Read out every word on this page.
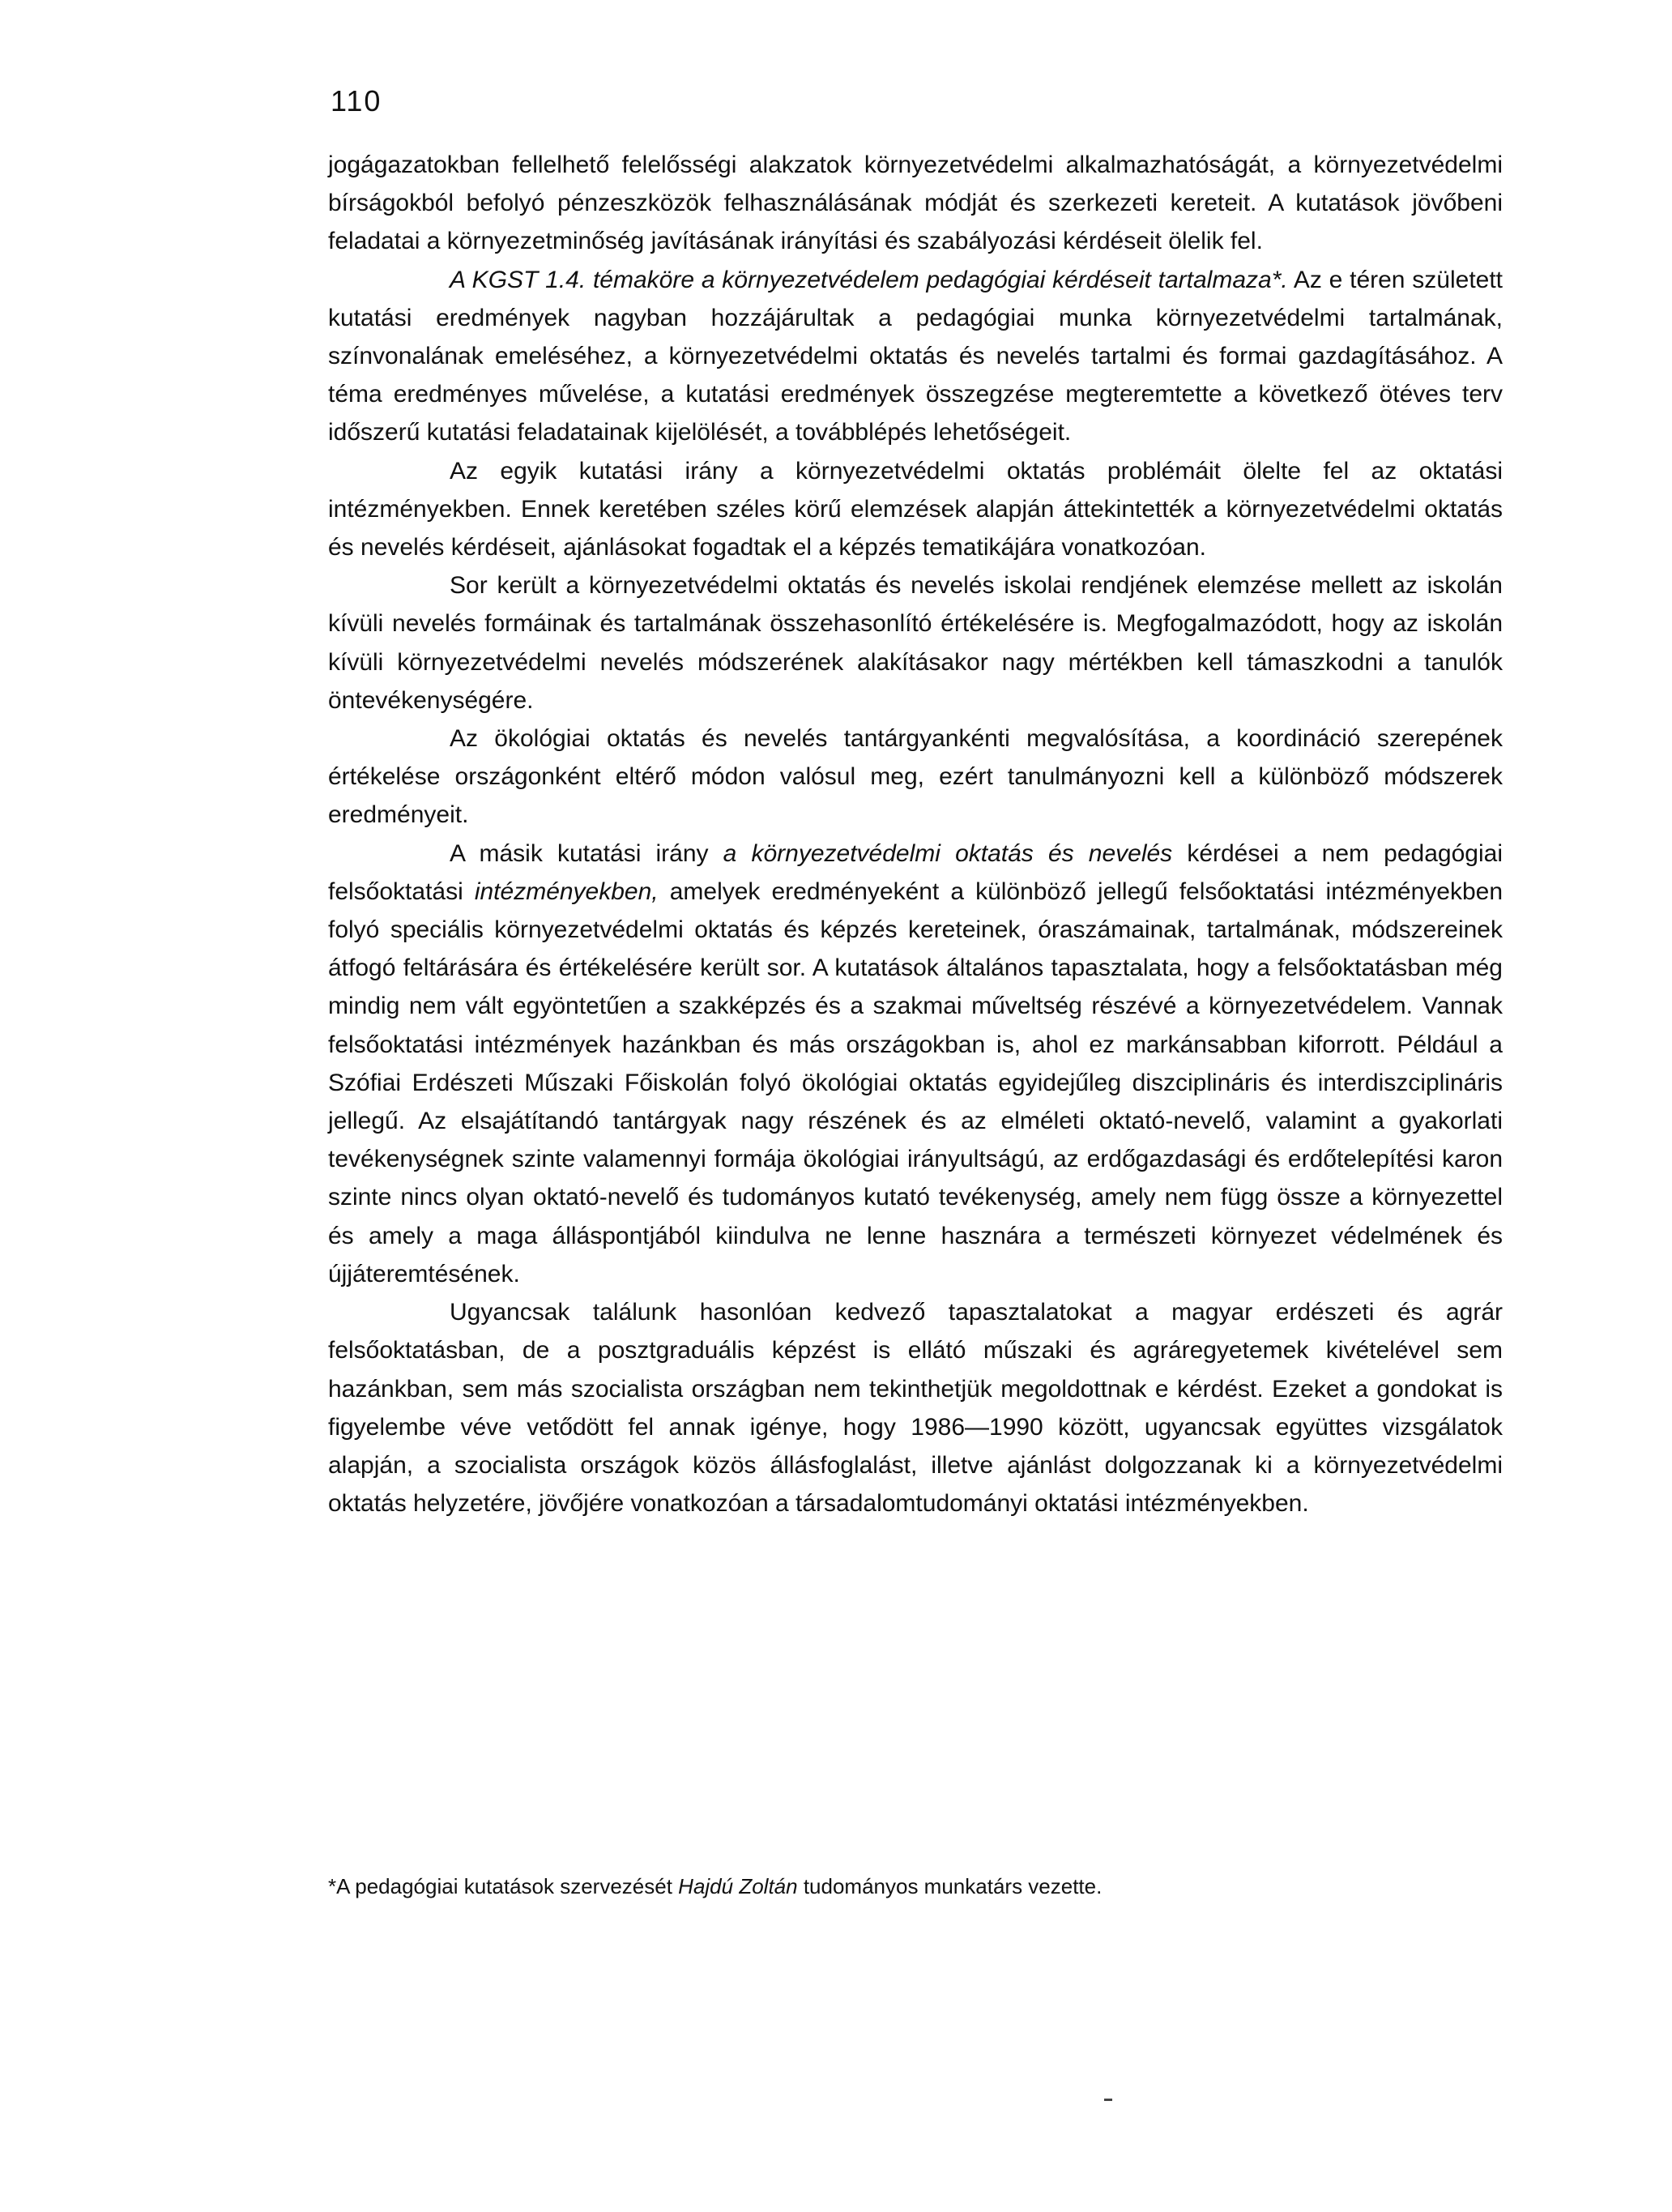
110

jogágazatokban fellelhető felelősségi alakzatok környezetvédelmi alkalmazhatóságát, a környezetvédelmi bírságokból befolyó pénzeszközök felhasználásának módját és szerkezeti kereteit. A kutatások jövőbeni feladatai a környezetminőség javításának irányítási és szabályozási kérdéseit ölelik fel.

A KGST 1.4. témaköre a környezetvédelem pedagógiai kérdéseit tartalmaza*. Az e téren született kutatási eredmények nagyban hozzájárultak a pedagógiai munka környezetvédelmi tartalmának, színvonalának emeléséhez, a környezetvédelmi oktatás és nevelés tartalmi és formai gazdagításához. A téma eredményes művelése, a kutatási eredmények összegzése megteremtette a következő ötéves terv időszerű kutatási feladatainak kijelölését, a továbblépés lehetőségeit.

Az egyik kutatási irány a környezetvédelmi oktatás problémáit ölelte fel az oktatási intézményekben. Ennek keretében széles körű elemzések alapján áttekintették a környezetvédelmi oktatás és nevelés kérdéseit, ajánlásokat fogadtak el a képzés tematikájára vonatkozóan.

Sor került a környezetvédelmi oktatás és nevelés iskolai rendjének elemzése mellett az iskolán kívüli nevelés formáinak és tartalmának összehasonlító értékelésére is. Megfogalmazódott, hogy az iskolán kívüli környezetvédelmi nevelés módszerének alakításakor nagy mértékben kell támaszkodni a tanulók öntevékenységére.

Az ökológiai oktatás és nevelés tantárgyankénti megvalósítása, a koordináció szerepének értékelése országonként eltérő módon valósul meg, ezért tanulmányozni kell a különböző módszerek eredményeit.

A másik kutatási irány a környezetvédelmi oktatás és nevelés kérdései a nem pedagógiai felsőoktatási intézményekben, amelyek eredményeként a különböző jellegű felsőoktatási intézményekben folyó speciális környezetvédelmi oktatás és képzés kereteinek, óraszámainak, tartalmának, módszereinek átfogó feltárására és értékelésére került sor. A kutatások általános tapasztalata, hogy a felsőoktatásban még mindig nem vált egyöntetűen a szakképzés és a szakmai műveltség részévé a környezetvédelem. Vannak felsőoktatási intézmények hazánkban és más országokban is, ahol ez markánsabban kiforrott. Például a Szófiai Erdészeti Műszaki Főiskolán folyó ökológiai oktatás egyidejűleg diszciplináris és interdiszciplináris jellegű. Az elsajátítandó tantárgyak nagy részének és az elméleti oktató-nevelő, valamint a gyakorlati tevékenységnek szinte valamennyi formája ökológiai irányultságú, az erdőgazdasági és erdőtelepítési karon szinte nincs olyan oktató-nevelő és tudományos kutató tevékenység, amely nem függ össze a környezettel és amely a maga álláspontjából kiindulva ne lenne hasznára a természeti környezet védelmének és újjáteremtésének.

Ugyancsak találunk hasonlóan kedvező tapasztalatokat a magyar erdészeti és agrár felsőoktatásban, de a posztgraduális képzést is ellátó műszaki és agráregyetemek kivételével sem hazánkban, sem más szocialista országban nem tekinthetjük megoldottnak e kérdést. Ezeket a gondokat is figyelembe véve vetődött fel annak igénye, hogy 1986—1990 között, ugyancsak együttes vizsgálatok alapján, a szocialista országok közös állásfoglalást, illetve ajánlást dolgozzanak ki a környezetvédelmi oktatás helyzetére, jövőjére vonatkozóan a társadalomtudományi oktatási intézményekben.

*A pedagógiai kutatások szervezését Hajdú Zoltán tudományos munkatárs vezette.
